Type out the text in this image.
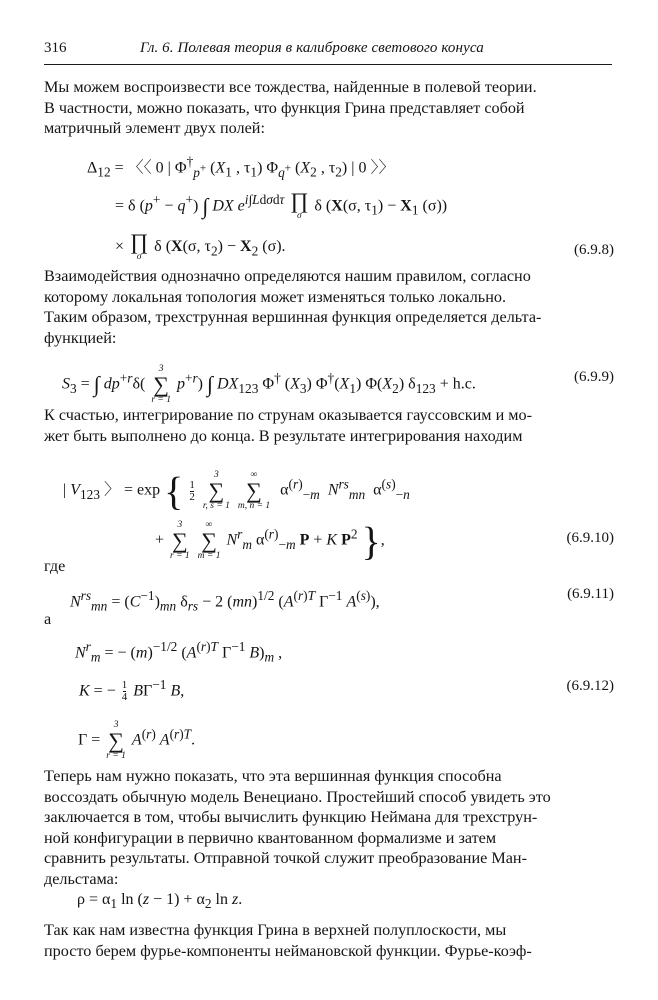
316	Гл. 6. Полевая теория в калибровке светового конуса
Мы можем воспроизвести все тождества, найденные в полевой теории.
В частности, можно показать, что функция Грина представляет собой
матричный элемент двух полей:
$\Delta_{12}$ = 〈〈 0 | $\Phi^\dagger_{p^+}$ ($X_1$ , $\tau_1$) $\Phi_{q^+}$ ($X_2$ , $\tau_2$) | 0 〉〉
= δ (p+ − q+) ∫ DX $e^{i\int Ld\sigma d\tau}$ ∏
σ
δ (X(σ, $\tau_1) - X_1$ (σ))
× ∏
σ
δ (X(σ, $\tau_2) - X_2$ (σ).	(6.9.8)
Взаимодействия однозначно определяются нашим правилом, согласно
которому локальная топология может изменяться только локально.
Таким образом, трехструнная вершинная функция определяется дельта-
функцией:
$S_3$ = ∫ $dp^{+r}\delta$(
3
∑
r = 1
$p^{+r}$) ∫ $DX_{123}$ Φ† $(X_3)$ $\Phi^\dagger(X_1)$ $\Phi(X_2) \delta_{123} + h.c$.	(6.9.9)
К счастью, интегрирование по струнам оказывается гауссовским и мо-
жет быть выполнено до конца. В результате интегрирования находим
| $V_{123}$ 〉 = exp { $\frac{1}{2}$

3
∑
r, s = 1

∞
∑
m, n = 1
$\alpha^{(r)}_{-m}$ $N^{rs}_{mn}$  $\alpha^{(s)}_{-n}$
+
3
∑
r = 1

∞
∑
m = 1
$N^r_m$ $\alpha^{(r)}_{-m}$ P + K $P^2$ },	(6.9.10)
где
$N^{rs}_{mn} = (C^{-1})_{mn}$ $\delta_{rs} - 2$ (mn)$^{1/2}$ ($A^{(r)T}$ $\Gamma^{-1}$ $A^{(s)}$),	(6.9.11)
а
$N^r_m$ = − $(m)^{-1/2}$ ($A^{(r)T}$ $\Gamma^{-1}$ $B)_m$ ,
K = − $\frac{1}{4} B\Gamma^{-1}$ B,	(6.9.12)
Γ =
3
∑
r = 1
$A^{(r)}$ $A^{(r)T}$.
Теперь нам нужно показать, что эта вершинная функция способна
воссоздать обычную модель Венециано. Простейший способ увидеть это
заключается в том, чтобы вычислить функцию Неймана для трехструн-
ной конфигурации в первично квантованном формализме и затем
сравнить результаты. Отправной точкой служит преобразование Ман-
дельстама:
$\rho = \alpha_1$ $\ln (z - 1) + \alpha_2$ ln z.
Так как нам известна функция Грина в верхней полуплоскости, мы
просто берем фурье-компоненты неймановской функции. Фурье-коэф-
